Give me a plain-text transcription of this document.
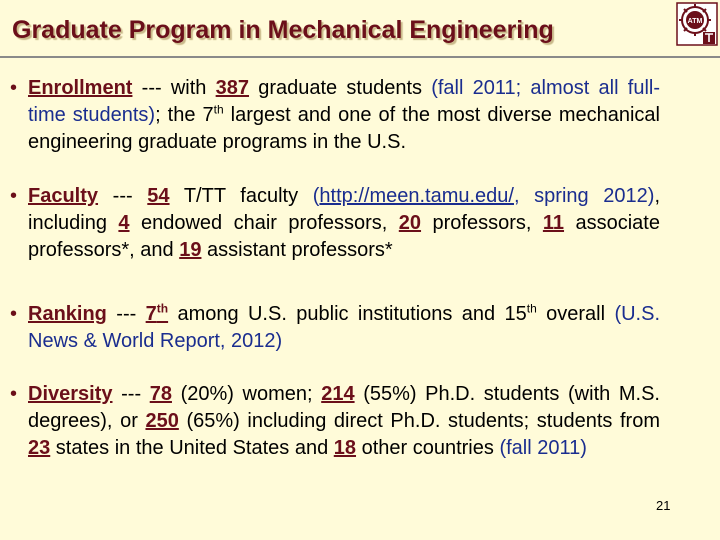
Graduate Program in Mechanical Engineering	ATM
• Enrollment --- with 387 graduate students (fall 2011; almost all full-time students); the 7th largest and one of the most diverse mechanical engineering graduate programs in the U.S.
• Faculty --- 54 T/TT faculty (http://meen.tamu.edu/, spring 2012), including 4 endowed chair professors, 20 professors, 11 associate professors*, and 19 assistant professors*
• Ranking --- 7th among U.S. public institutions and 15th overall (U.S. News & World Report, 2012)
• Diversity --- 78 (20%) women; 214 (55%) Ph.D. students (with M.S. degrees), or 250 (65%) including direct Ph.D. students; students from 23 states in the United States and 18 other countries (fall 2011)
21
